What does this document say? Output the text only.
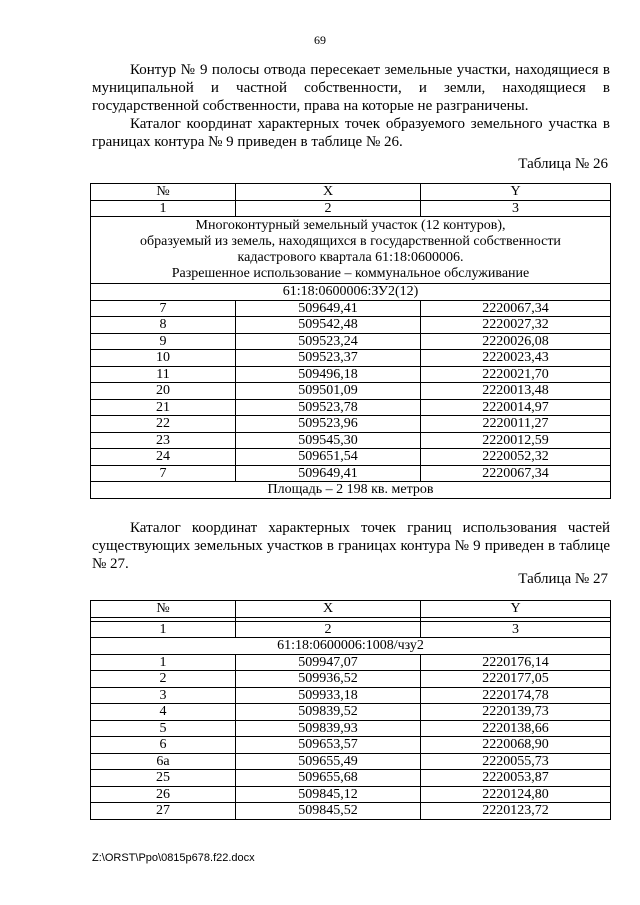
69

Контур № 9 полосы отвода пересекает земельные участки, находящиеся в муниципальной и частной собственности, и земли, находящиеся в государственной собственности, права на которые не разграничены.

Каталог координат характерных точек образуемого земельного участка в границах контура № 9 приведен в таблице № 26.

Таблица № 26
№	X	Y
1	2	3

Многоконтурный земельный участок (12 контуров),
образуемый из земель, находящихся в государственной собственности
кадастрового квартала 61:18:0600006.
Разрешенное использование – коммунальное обслуживание		

61:18:0600006:ЗУ2(12)		
7	509649,41	2220067,34
8	509542,48	2220027,32
9	509523,24	2220026,08
10	509523,37	2220023,43
11	509496,18	2220021,70
20	509501,09	2220013,48
21	509523,78	2220014,97
22	509523,96	2220011,27
23	509545,30	2220012,59
24	509651,54	2220052,32
7	509649,41	2220067,34
Площадь – 2 198 кв. метров		

Каталог координат характерных точек границ использования частей существующих земельных участков в границах контура № 9 приведен в таблице № 27.

Таблица № 27
№	X	Y

1	2	3
61:18:0600006:1008/чзу2		
1	509947,07	2220176,14
2	509936,52	2220177,05
3	509933,18	2220174,78
4	509839,52	2220139,73
5	509839,93	2220138,66
6	509653,57	2220068,90
6а	509655,49	2220055,73
25	509655,68	2220053,87
26	509845,12	2220124,80
27	509845,52	2220123,72
Z:\ORST\Ppo\0815p678.f22.docx
